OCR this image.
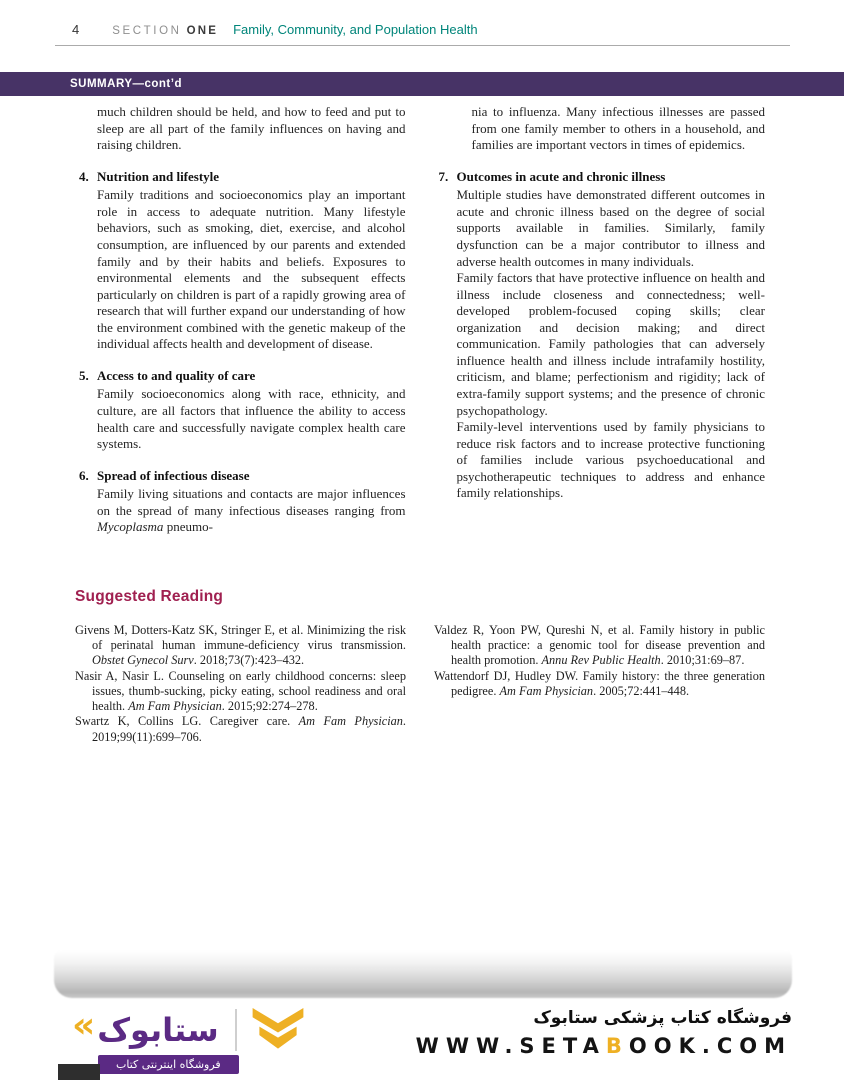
4	SECTION ONE Family, Community, and Population Health
SUMMARY—cont’d

much children should be held, and how to feed and put to sleep are all part of the family influences on having and raising children.

4. Nutrition and lifestyle

Family traditions and socioeconomics play an important role in access to adequate nutrition. Many lifestyle behaviors, such as smoking, diet, exercise, and alcohol consumption, are influenced by our parents and extended family and by their habits and beliefs. Exposures to environmental elements and the subsequent effects particularly on children is part of a rapidly growing area of research that will further expand our understanding of how the environment combined with the genetic makeup of the individual affects health and development of disease.

5. Access to and quality of care

Family socioeconomics along with race, ethnicity, and culture, are all factors that influence the ability to access health care and successfully navigate complex health care systems.

6. Spread of infectious disease

Family living situations and contacts are major influences on the spread of many infectious diseases ranging from Mycoplasma pneumo-

nia to influenza. Many infectious illnesses are passed from one family member to others in a household, and families are important vectors in times of epidemics.

7. Outcomes in acute and chronic illness

Multiple studies have demonstrated different outcomes in acute and chronic illness based on the degree of social supports available in families. Similarly, family dysfunction can be a major contributor to illness and adverse health outcomes in many individuals.

Family factors that have protective influence on health and illness include closeness and connectedness; well-developed problem-focused coping skills; clear organization and decision making; and direct communication. Family pathologies that can adversely influence health and illness include intrafamily hostility, criticism, and blame; perfectionism and rigidity; lack of extra-family support systems; and the presence of chronic psychopathology.

Family-level interventions used by family physicians to reduce risk factors and to increase protective functioning of families include various psychoeducational and psychotherapeutic techniques to address and enhance family relationships.

Suggested Reading

Givens M, Dotters-Katz SK, Stringer E, et al. Minimizing the risk of perinatal human immune-deficiency virus transmission. Obstet Gynecol Surv. 2018;73(7):423–432.

Nasir A, Nasir L. Counseling on early childhood concerns: sleep issues, thumb-sucking, picky eating, school readiness and oral health. Am Fam Physician. 2015;92:274–278.

Swartz K, Collins LG. Caregiver care. Am Fam Physician. 2019;99(11):699–706.

Valdez R, Yoon PW, Qureshi N, et al. Family history in public health practice: a genomic tool for disease prevention and health promotion. Annu Rev Public Health. 2010;31:69–87.

Wattendorf DJ, Hudley DW. Family history: the three generation pedigree. Am Fam Physician. 2005;72:441–448.

« ستابوک
فروشگاه اینترنتی کتاب
فروشگاه کتاب پزشکی ستابوک
WWW.SETABOOK.COM
